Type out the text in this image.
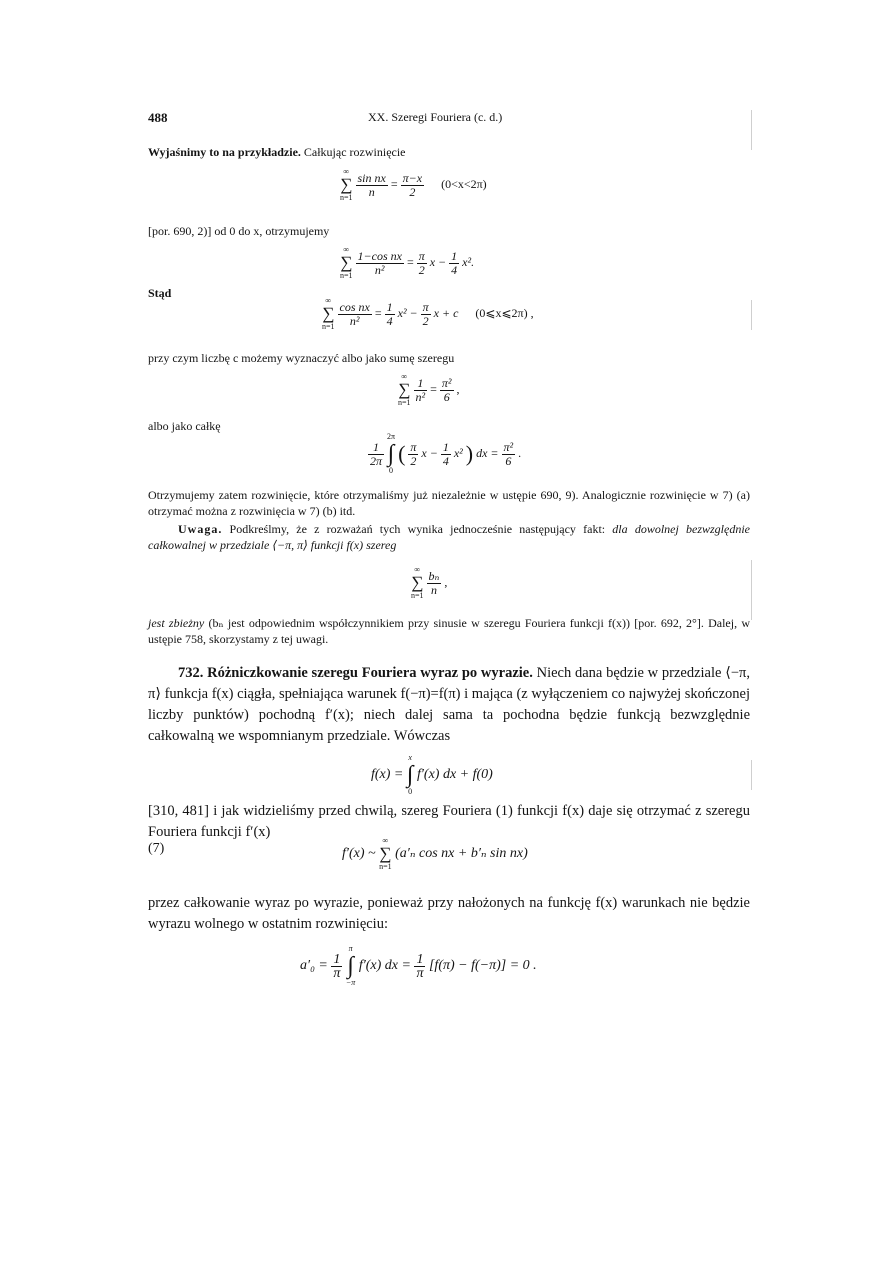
488	XX. Szeregi Fouriera (c. d.)
Wyjaśnimy to na przykładzie. Całkując rozwinięcie
∞
∑
n=1
$\frac{\text{sin nx}}{n} = \frac{\pi-x}{2} (0<x<2\pi)$
[por. 690, 2)] od 0 do x, otrzymujemy
∞
∑
n=1
$\frac{\text{1−cos nx}}{\text{n²}} = \frac{\pi}{2}$ $x - \frac{1}{4} x^2$.
Stąd
∞
∑
n=1
$\frac{\text{cos nx}}{\text{n²}} = \frac{1}{4} x^2 - \frac{\pi}{2}$ x + c (0⩽x⩽2π) ,
przy czym liczbę c możemy wyznaczyć albo jako sumę szeregu
∞
∑
n=1
$\frac{1}{\text{n²}} = \frac{\text{π²}}{6}$ ,
albo jako całkę
$\frac{1}{2\pi}$

2π
∫
0
( $\frac{\pi}{2}$ $x - \frac{1}{4} x^2$ ) dx = $\frac{\text{π²}}{6}$ .
Otrzymujemy zatem rozwinięcie, które otrzymaliśmy już niezależnie w ustępie 690, 9). Analogicznie rozwinięcie w 7) (a) otrzymać można z rozwinięcia w 7) (b) itd.
Uwaga. Podkreślmy, że z rozważań tych wynika jednocześnie następujący fakt: dla dowolnej bezwzględnie całkowalnej w przedziale ⟨−π, π⟩ funkcji f(x) szereg
∞
∑
n=1
$\frac{\text{bₙ}}{n}$ ,
jest zbieżny (bₙ jest odpowiednim współczynnikiem przy sinusie w szeregu Fouriera funkcji f(x)) [por. 692, 2°]. Dalej, w ustępie 758, skorzystamy z tej uwagi.
732. Różniczkowanie szeregu Fouriera wyraz po wyrazie. Niech dana będzie w przedziale ⟨−π, π⟩ funkcja f(x) ciągła, spełniająca warunek f(−π)=f(π) i mająca (z wyłączeniem co najwyżej skończonej liczby punktów) pochodną f′(x); niech dalej sama ta pochodna będzie funkcją bezwzględnie całkowalną we wspomnianym przedziale. Wówczas
f(x) =
x
∫
0
f′(x) dx + f(0)
[310, 481] i jak widzieliśmy przed chwilą, szereg Fouriera (1) funkcji f(x) daje się otrzymać z szeregu Fouriera funkcji f′(x)
(7)	f′(x) ~
∞
∑
n=1
(a′ₙ cos nx + b′ₙ sin nx)
przez całkowanie wyraz po wyrazie, ponieważ przy nałożonych na funkcję f(x) warunkach nie będzie wyrazu wolnego w ostatnim rozwinięciu:
$a'_0 = \frac{1}{\pi}$

π
∫
−π
f′(x) dx = $\frac{1}{\pi} [f(\pi) - f(-\pi)] = 0$ .
